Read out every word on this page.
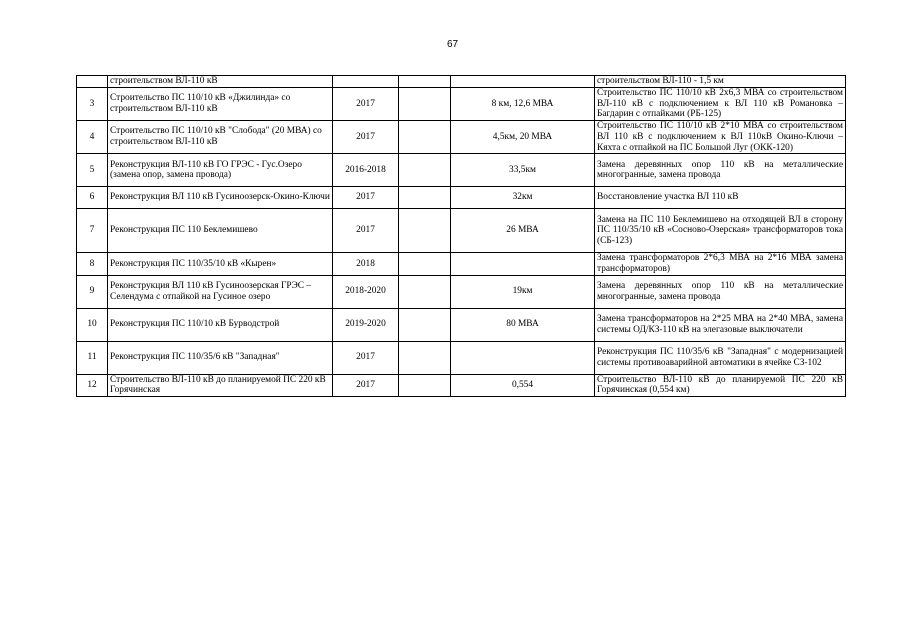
67
	строительством ВЛ-110 кВ				строительством ВЛ-110 - 1,5 км
3	Строительство ПС 110/10 кВ «Джилинда» со строительством ВЛ-110 кВ	2017		8 км, 12,6 МВА	Строительство ПС 110/10 кВ 2х6,3 МВА со строительством ВЛ-110 кВ с подключением к ВЛ 110 кВ Романовка – Багдарин с отпайками (РБ-125)
4	Строительство ПС 110/10 кВ "Слобода" (20 МВА) со строительством ВЛ-110 кВ	2017		4,5км, 20 МВА	Строительство ПС 110/10 кВ 2*10 МВА со строительством ВЛ 110 кВ с подключением к ВЛ 110кВ Окино-Ключи –Кяхта с отпайкой на ПС Большой Луг (ОКК-120)
5	Реконструкция ВЛ-110 кВ ГО ГРЭС - Гус.Озеро (замена опор, замена провода)	2016-2018		33,5км	Замена деревянных опор 110 кВ на металлические многогранные, замена провода
6	Реконструкция ВЛ 110 кВ Гусиноозерск-Окино-Ключи	2017		32км	Восстановление участка ВЛ 110 кВ
7	Реконструкция ПС 110 Беклемишево	2017		26 МВА	Замена на ПС 110 Беклемишево на отходящей ВЛ в сторону ПС 110/35/10 кВ «Сосново-Озерская» трансформаторов тока (СБ-123)
8	Реконструкция ПС 110/35/10 кВ «Кырен»	2018			Замена трансформаторов 2*6,3 МВА на 2*16 МВА замена трансформаторов)
9	Реконструкция ВЛ 110 кВ Гусиноозерская ГРЭС – Селендума с отпайкой на Гусиное озеро	2018-2020		19км	Замена деревянных опор 110 кВ на металлические многогранные, замена провода
10	Реконструкция ПС 110/10 кВ Бурводстрой	2019-2020		80 МВА	Замена трансформаторов на 2*25 МВА на 2*40 МВА, замена системы ОД/КЗ-110 кВ на элегазовые выключатели
11	Реконструкция ПС 110/35/6 кВ "Западная"	2017			Реконструкция ПС 110/35/6 кВ "Западная" с модернизацией системы противоаварийной автоматики в ячейке СЗ-102
12	Строительство ВЛ-110 кВ до планируемой ПС 220 кВ Горячинская	2017		0,554	Строительство ВЛ-110 кВ до планируемой ПС 220 кВ Горячинская (0,554 км)
